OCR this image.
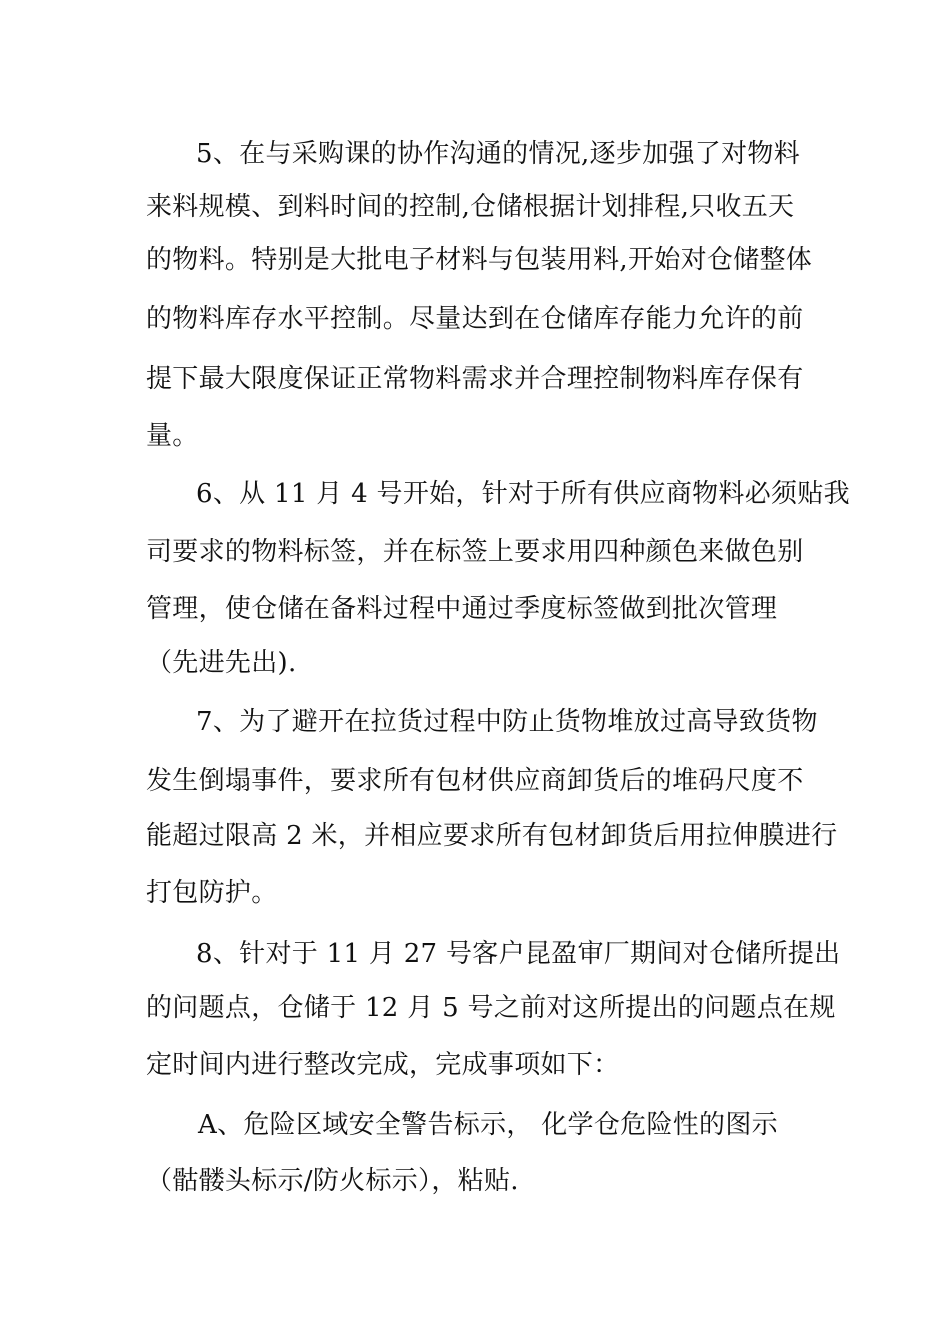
5、在与采购课的协作沟通的情况,逐步加强了对物料
来料规模、到料时间的控制,仓储根据计划排程,只收五天
的物料。特别是大批电子材料与包装用料,开始对仓储整体
的物料库存水平控制。尽量达到在仓储库存能力允许的前
提下最大限度保证正常物料需求并合理控制物料库存保有
量。
6、从 11 月 4 号开始，针对于所有供应商物料必须贴我
司要求的物料标签，并在标签上要求用四种颜色来做色别
管理，使仓储在备料过程中通过季度标签做到批次管理
（先进先出).
7、为了避开在拉货过程中防止货物堆放过高导致货物
发生倒塌事件，要求所有包材供应商卸货后的堆码尺度不
能超过限高 2 米，并相应要求所有包材卸货后用拉伸膜进行
打包防护。
8、针对于 11 月 27 号客户昆盈审厂期间对仓储所提出
的问题点，仓储于 12 月 5 号之前对这所提出的问题点在规
定时间内进行整改完成，完成事项如下：
A、危险区域安全警告标示， 化学仓危险性的图示
（骷髅头标示/防火标示），粘贴.
